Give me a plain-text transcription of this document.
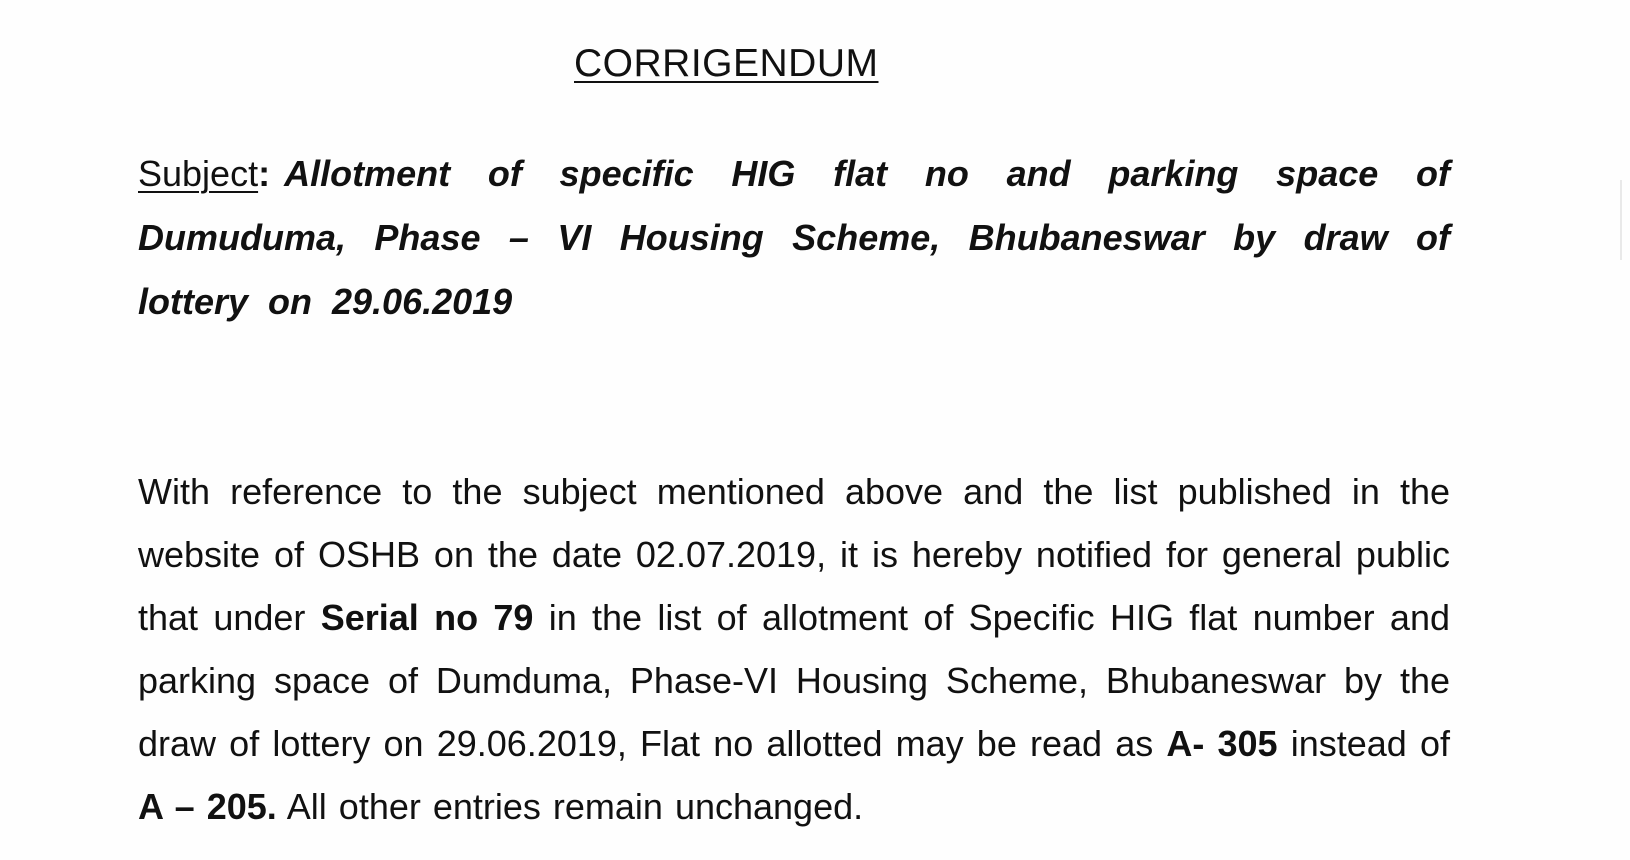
CORRIGENDUM
Subject: Allotment of specific HIG flat no and parking space of Dumuduma, Phase – VI Housing Scheme, Bhubaneswar by draw of lottery on 29.06.2019
With reference to the subject mentioned above and the list published in the website of OSHB on the date 02.07.2019, it is hereby notified for general public that under Serial no 79 in the list of allotment of Specific HIG flat number and parking space of Dumduma, Phase-VI Housing Scheme, Bhubaneswar by the draw of lottery on 29.06.2019, Flat no allotted may be read as A- 305 instead of A – 205. All other entries remain unchanged.
